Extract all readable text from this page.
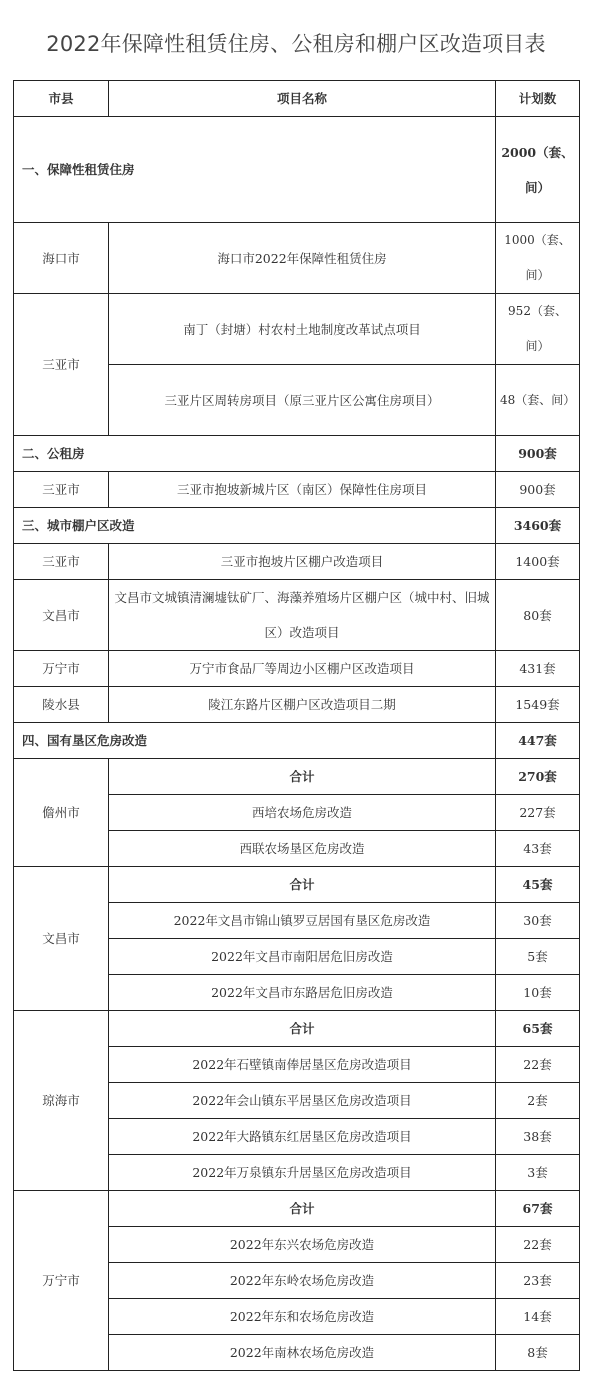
2022年保障性租赁住房、公租房和棚户区改造项目表
市县	项目名称	计划数
一、保障性租赁住房		2000（套、间）
海口市	海口市2022年保障性租赁住房	1000（套、间）
三亚市	南丁（封塘）村农村土地制度改革试点项目	952（套、间）
	三亚片区周转房项目（原三亚片区公寓住房项目）	48（套、间）
二、公租房		900套
三亚市	三亚市抱坡新城片区（南区）保障性住房项目	900套
三、城市棚户区改造		3460套
三亚市	三亚市抱坡片区棚户改造项目	1400套
文昌市	文昌市文城镇清澜墟钛矿厂、海藻养殖场片区棚户区（城中村、旧城区）改造项目	80套
万宁市	万宁市食品厂等周边小区棚户区改造项目	431套
陵水县	陵江东路片区棚户区改造项目二期	1549套
四、国有垦区危房改造		447套
儋州市	合计	270套
	西培农场危房改造	227套
	西联农场垦区危房改造	43套
文昌市	合计	45套
	2022年文昌市锦山镇罗豆居国有垦区危房改造	30套
	2022年文昌市南阳居危旧房改造	5套
	2022年文昌市东路居危旧房改造	10套
琼海市	合计	65套
	2022年石壁镇南俸居垦区危房改造项目	22套
	2022年会山镇东平居垦区危房改造项目	2套
	2022年大路镇东红居垦区危房改造项目	38套
	2022年万泉镇东升居垦区危房改造项目	3套
万宁市	合计	67套
	2022年东兴农场危房改造	22套
	2022年东岭农场危房改造	23套
	2022年东和农场危房改造	14套
	2022年南林农场危房改造	8套
